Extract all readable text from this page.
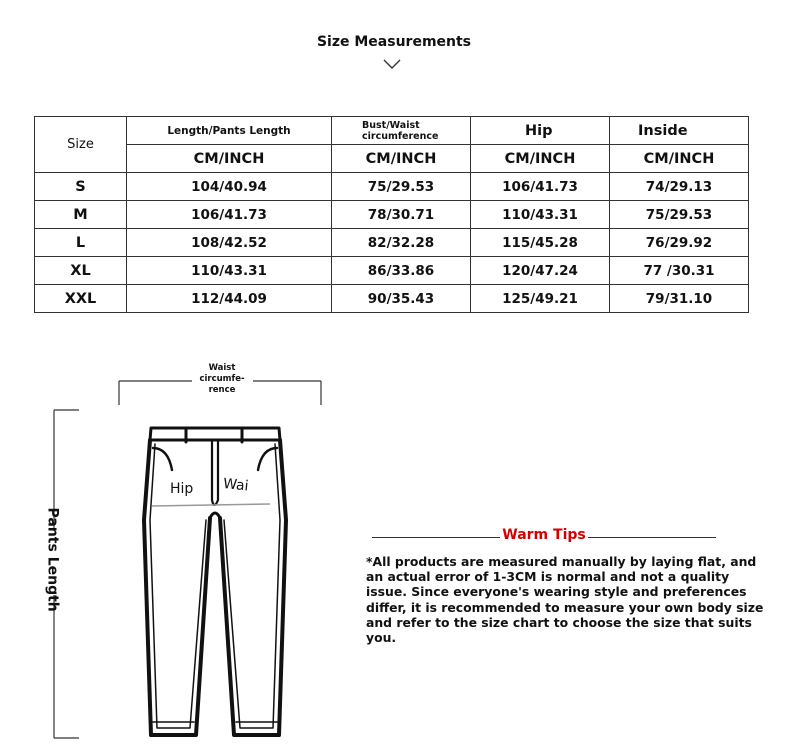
Size Measurements
Size	Length/Pants Length	Bust/Waist circumference	Hip	Inside
	CM/INCH	CM/INCH	CM/INCH	CM/INCH
S	104/40.94	75/29.53	106/41.73	74/29.13
M	106/41.73	78/30.71	110/43.31	75/29.53
L	108/42.52	82/32.28	115/45.28	76/29.92
XL	110/43.31	86/33.86	120/47.24	77 /30.31
XXL	112/44.09	90/35.43	125/49.21	79/31.10
Waist circumfe- rence
Hip Wai
Pants Length	Warm Tips
*All products are measured manually by laying flat, and an actual error of 1-3CM is normal and not a quality issue. Since everyone's wearing style and preferences differ, it is recommended to measure your own body size and refer to the size chart to choose the size that suits you.
